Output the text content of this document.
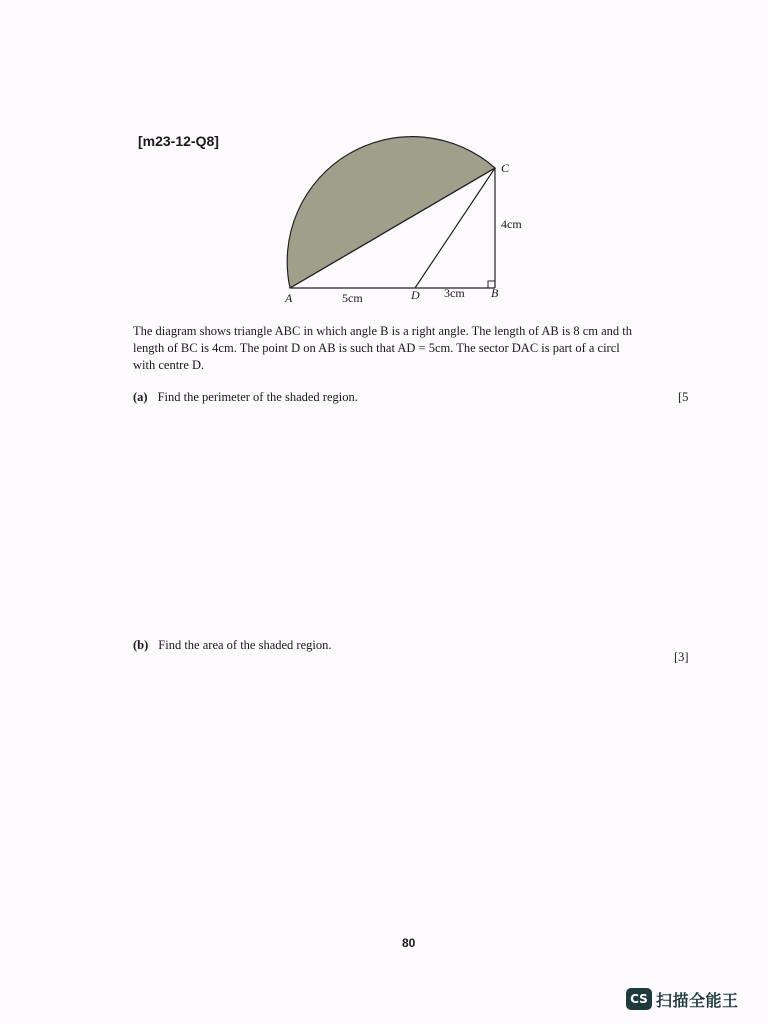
[m23-12-Q8]
A	D	B
C
5cm	3cm
4cm
The diagram shows triangle ABC in which angle B is a right angle. The length of AB is 8 cm and th
length of BC is 4cm. The point D on AB is such that AD = 5cm. The sector DAC is part of a circl
with centre D.
(a) Find the perimeter of the shaded region.	[5
(b) Find the area of the shaded region.
[3]
80
CS 扫描全能王
